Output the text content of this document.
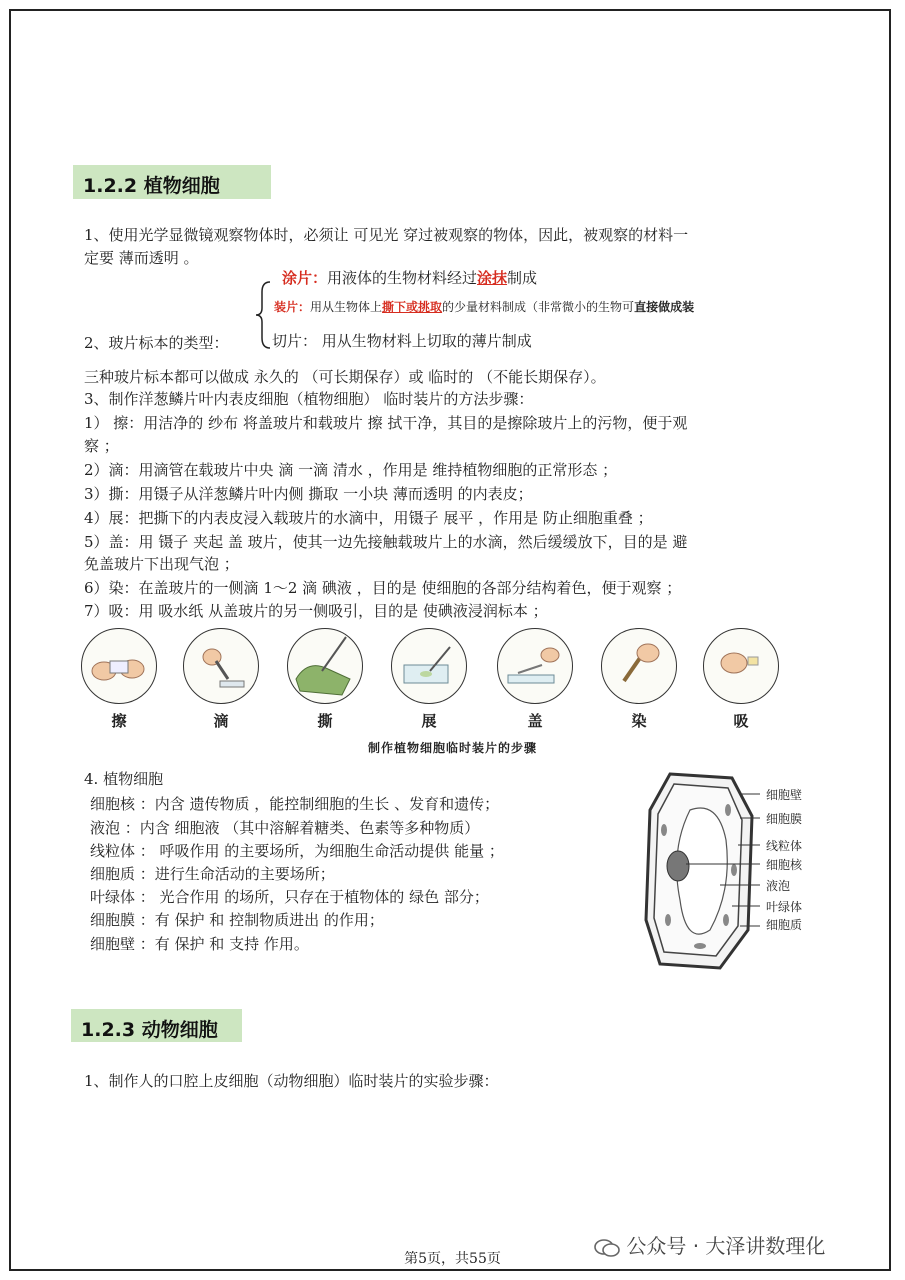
1.2.2 植物细胞
1、使用光学显微镜观察物体时，必须让 可见光 穿过被观察的物体，因此，被观察的材料一
定要 薄而透明 。
涂片：用液体的生物材料经过涂抹制成
装片：用从生物体上撕下或挑取的少量材料制成（非常微小的生物可直接做成装
2、玻片标本的类型：	切片： 用从生物材料上切取的薄片制成
三种玻片标本都可以做成 永久的 （可长期保存）或 临时的 （不能长期保存）。
3、制作洋葱鳞片叶内表皮细胞（植物细胞） 临时装片的方法步骤：
1） 擦：用洁净的 纱布 将盖玻片和载玻片 擦 拭干净，其目的是擦除玻片上的污物，便于观
察 ；
2）滴：用滴管在载玻片中央 滴 一滴 清水 ，作用是 维持植物细胞的正常形态 ；
3）撕：用镊子从洋葱鳞片叶内侧 撕取 一小块 薄而透明 的内表皮；
4）展：把撕下的内表皮浸入载玻片的水滴中，用镊子 展平 ，作用是 防止细胞重叠 ；
5）盖：用 镊子 夹起 盖 玻片，使其一边先接触载玻片上的水滴，然后缓缓放下，目的是 避
免盖玻片下出现气泡 ；
6）染：在盖玻片的一侧滴 1～2 滴 碘液 ，目的是 使细胞的各部分结构着色，便于观察 ；
7）吸：用 吸水纸 从盖玻片的另一侧吸引，目的是 使碘液浸润标本 ；
擦	滴	撕	展	盖	染	吸
制作植物细胞临时装片的步骤
4. 植物细胞
细胞核 ：内含 遗传物质 ，能控制细胞的生长 、发育和遗传；
液泡 ：内含 细胞液 （其中溶解着糖类、色素等多种物质）
线粒体 ： 呼吸作用 的主要场所，为细胞生命活动提供 能量 ；
细胞质 ：进行生命活动的主要场所；
叶绿体 ： 光合作用 的场所，只存在于植物体的 绿色 部分；
细胞膜 ：有 保护 和 控制物质进出 的作用；
细胞壁 ：有 保护 和 支持 作用。
细胞壁
细胞膜
线粒体
细胞核
液泡
叶绿体
细胞质
1.2.3 动物细胞
1、制作人的口腔上皮细胞（动物细胞）临时装片的实验步骤：
公众号 · 大泽讲数理化
第5页，共55页
